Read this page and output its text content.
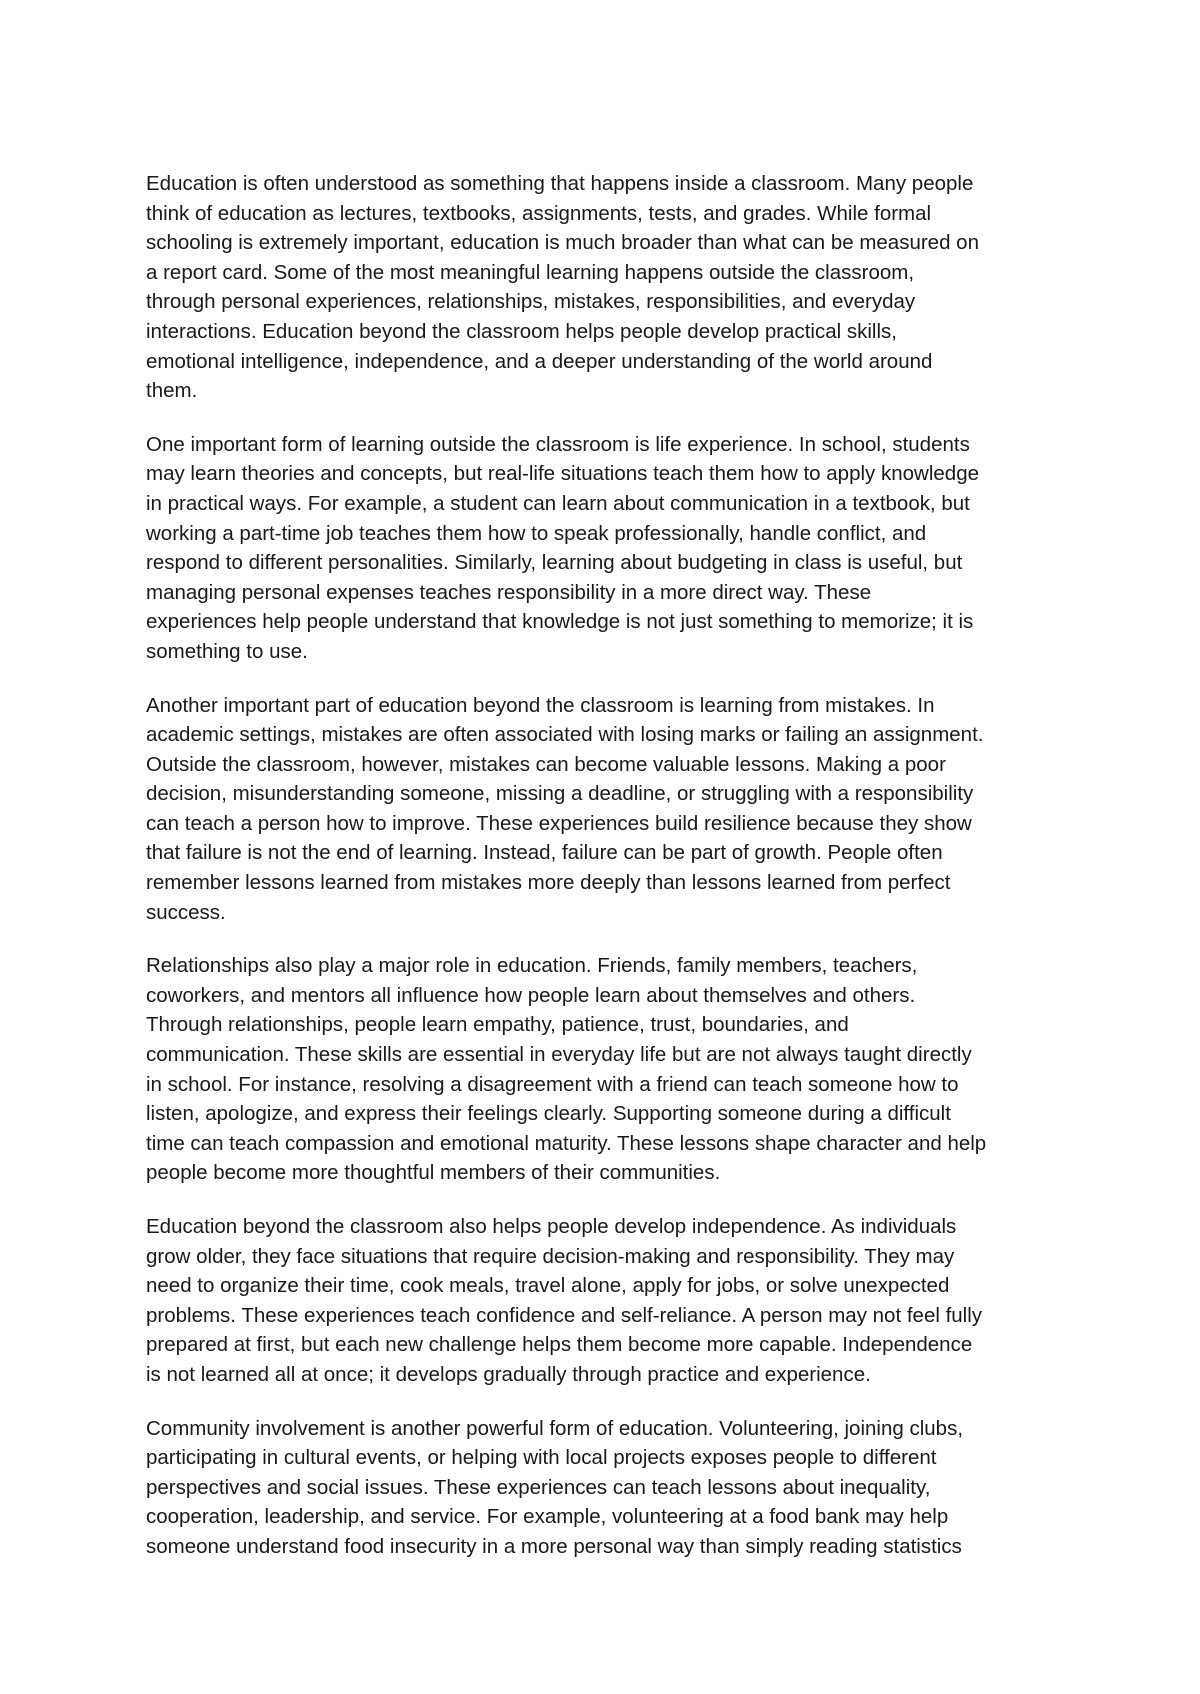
Education is often understood as something that happens inside a classroom. Many people
think of education as lectures, textbooks, assignments, tests, and grades. While formal
schooling is extremely important, education is much broader than what can be measured on
a report card. Some of the most meaningful learning happens outside the classroom,
through personal experiences, relationships, mistakes, responsibilities, and everyday
interactions. Education beyond the classroom helps people develop practical skills,
emotional intelligence, independence, and a deeper understanding of the world around
them.

One important form of learning outside the classroom is life experience. In school, students
may learn theories and concepts, but real-life situations teach them how to apply knowledge
in practical ways. For example, a student can learn about communication in a textbook, but
working a part-time job teaches them how to speak professionally, handle conflict, and
respond to different personalities. Similarly, learning about budgeting in class is useful, but
managing personal expenses teaches responsibility in a more direct way. These
experiences help people understand that knowledge is not just something to memorize; it is
something to use.

Another important part of education beyond the classroom is learning from mistakes. In
academic settings, mistakes are often associated with losing marks or failing an assignment.
Outside the classroom, however, mistakes can become valuable lessons. Making a poor
decision, misunderstanding someone, missing a deadline, or struggling with a responsibility
can teach a person how to improve. These experiences build resilience because they show
that failure is not the end of learning. Instead, failure can be part of growth. People often
remember lessons learned from mistakes more deeply than lessons learned from perfect
success.

Relationships also play a major role in education. Friends, family members, teachers,
coworkers, and mentors all influence how people learn about themselves and others.
Through relationships, people learn empathy, patience, trust, boundaries, and
communication. These skills are essential in everyday life but are not always taught directly
in school. For instance, resolving a disagreement with a friend can teach someone how to
listen, apologize, and express their feelings clearly. Supporting someone during a difficult
time can teach compassion and emotional maturity. These lessons shape character and help
people become more thoughtful members of their communities.

Education beyond the classroom also helps people develop independence. As individuals
grow older, they face situations that require decision-making and responsibility. They may
need to organize their time, cook meals, travel alone, apply for jobs, or solve unexpected
problems. These experiences teach confidence and self-reliance. A person may not feel fully
prepared at first, but each new challenge helps them become more capable. Independence
is not learned all at once; it develops gradually through practice and experience.

Community involvement is another powerful form of education. Volunteering, joining clubs,
participating in cultural events, or helping with local projects exposes people to different
perspectives and social issues. These experiences can teach lessons about inequality,
cooperation, leadership, and service. For example, volunteering at a food bank may help
someone understand food insecurity in a more personal way than simply reading statistics
